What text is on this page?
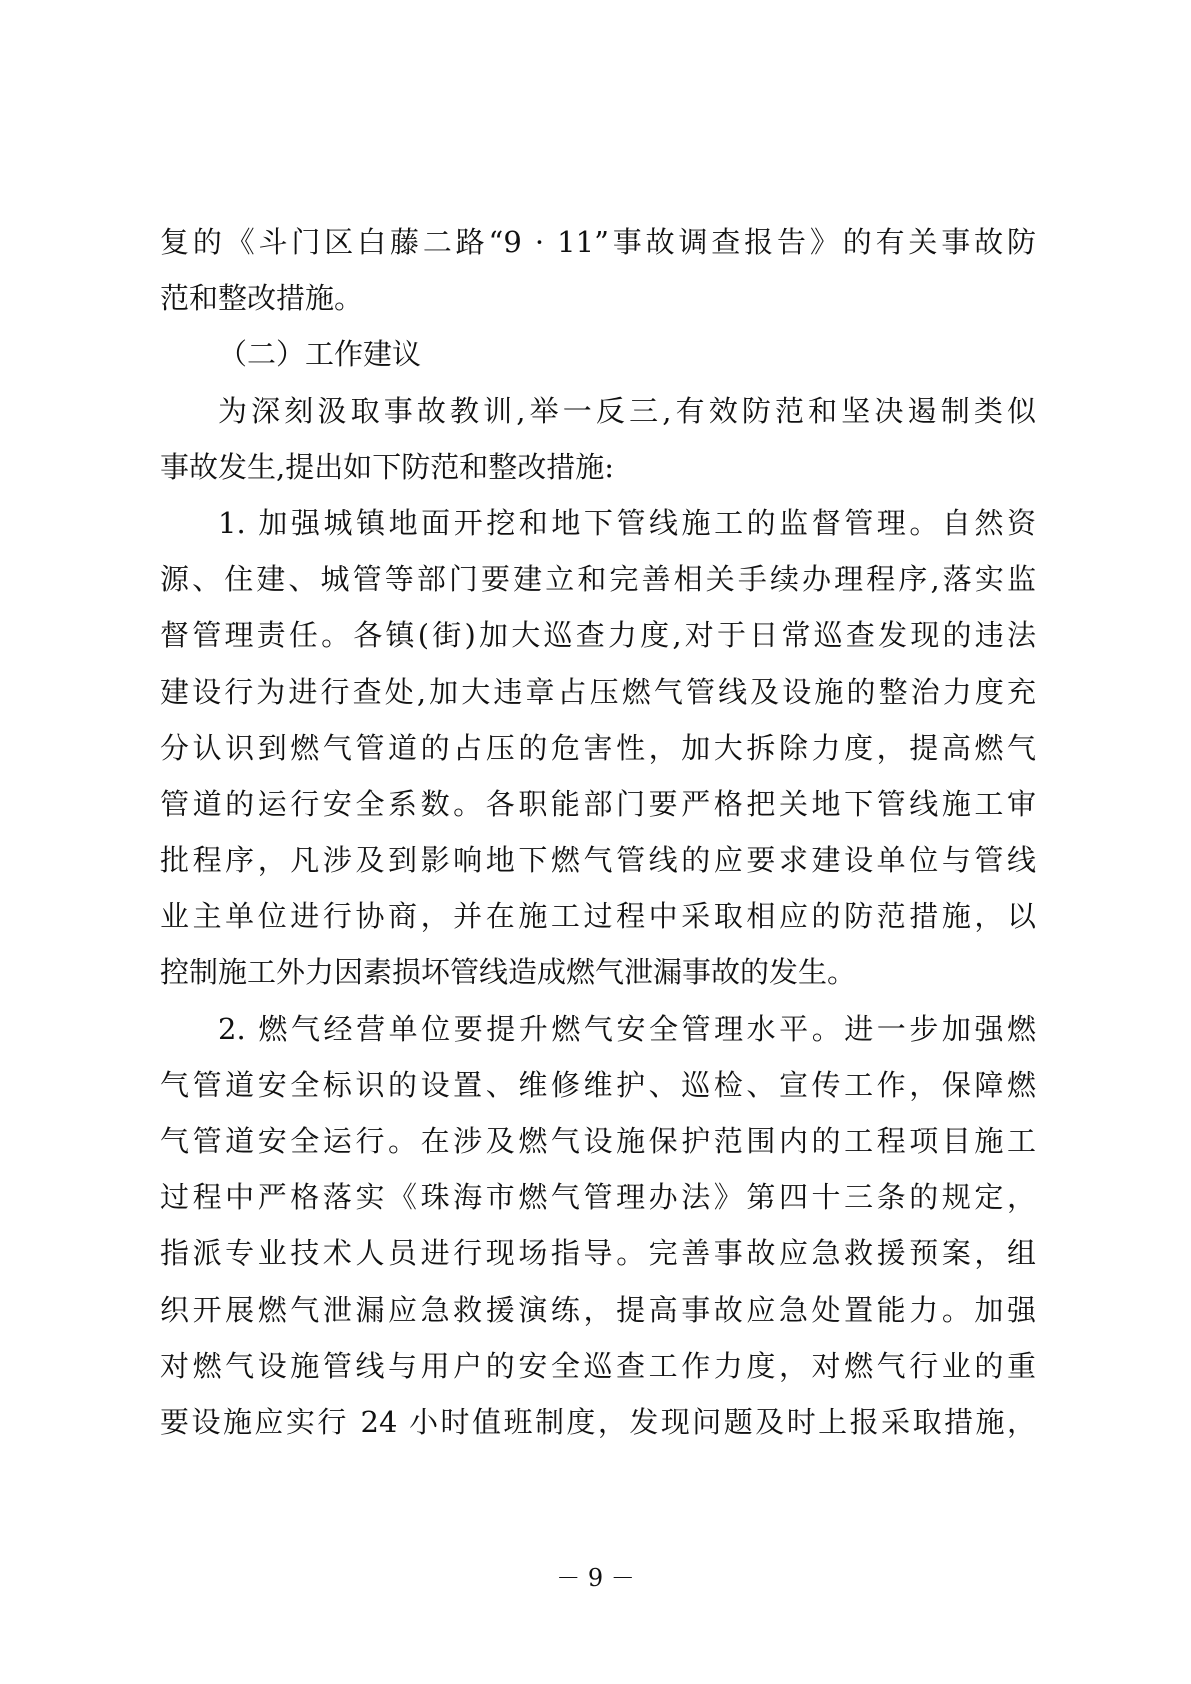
复的《斗门区白藤二路“9 · 11”事故调查报告》的有关事故防
范和整改措施。
（二）工作建议
为深刻汲取事故教训,举一反三,有效防范和坚决遏制类似
事故发生,提出如下防范和整改措施:
1. 加强城镇地面开挖和地下管线施工的监督管理。自然资
源、住建、城管等部门要建立和完善相关手续办理程序,落实监
督管理责任。各镇(街)加大巡查力度,对于日常巡查发现的违法
建设行为进行查处,加大违章占压燃气管线及设施的整治力度充
分认识到燃气管道的占压的危害性，加大拆除力度，提高燃气
管道的运行安全系数。各职能部门要严格把关地下管线施工审
批程序，凡涉及到影响地下燃气管线的应要求建设单位与管线
业主单位进行协商，并在施工过程中采取相应的防范措施，以
控制施工外力因素损坏管线造成燃气泄漏事故的发生。
2. 燃气经营单位要提升燃气安全管理水平。进一步加强燃
气管道安全标识的设置、维修维护、巡检、宣传工作，保障燃
气管道安全运行。在涉及燃气设施保护范围内的工程项目施工
过程中严格落实《珠海市燃气管理办法》第四十三条的规定，
指派专业技术人员进行现场指导。完善事故应急救援预案，组
织开展燃气泄漏应急救援演练，提高事故应急处置能力。加强
对燃气设施管线与用户的安全巡查工作力度，对燃气行业的重
要设施应实行 24 小时值班制度，发现问题及时上报采取措施，
－ 9 －
